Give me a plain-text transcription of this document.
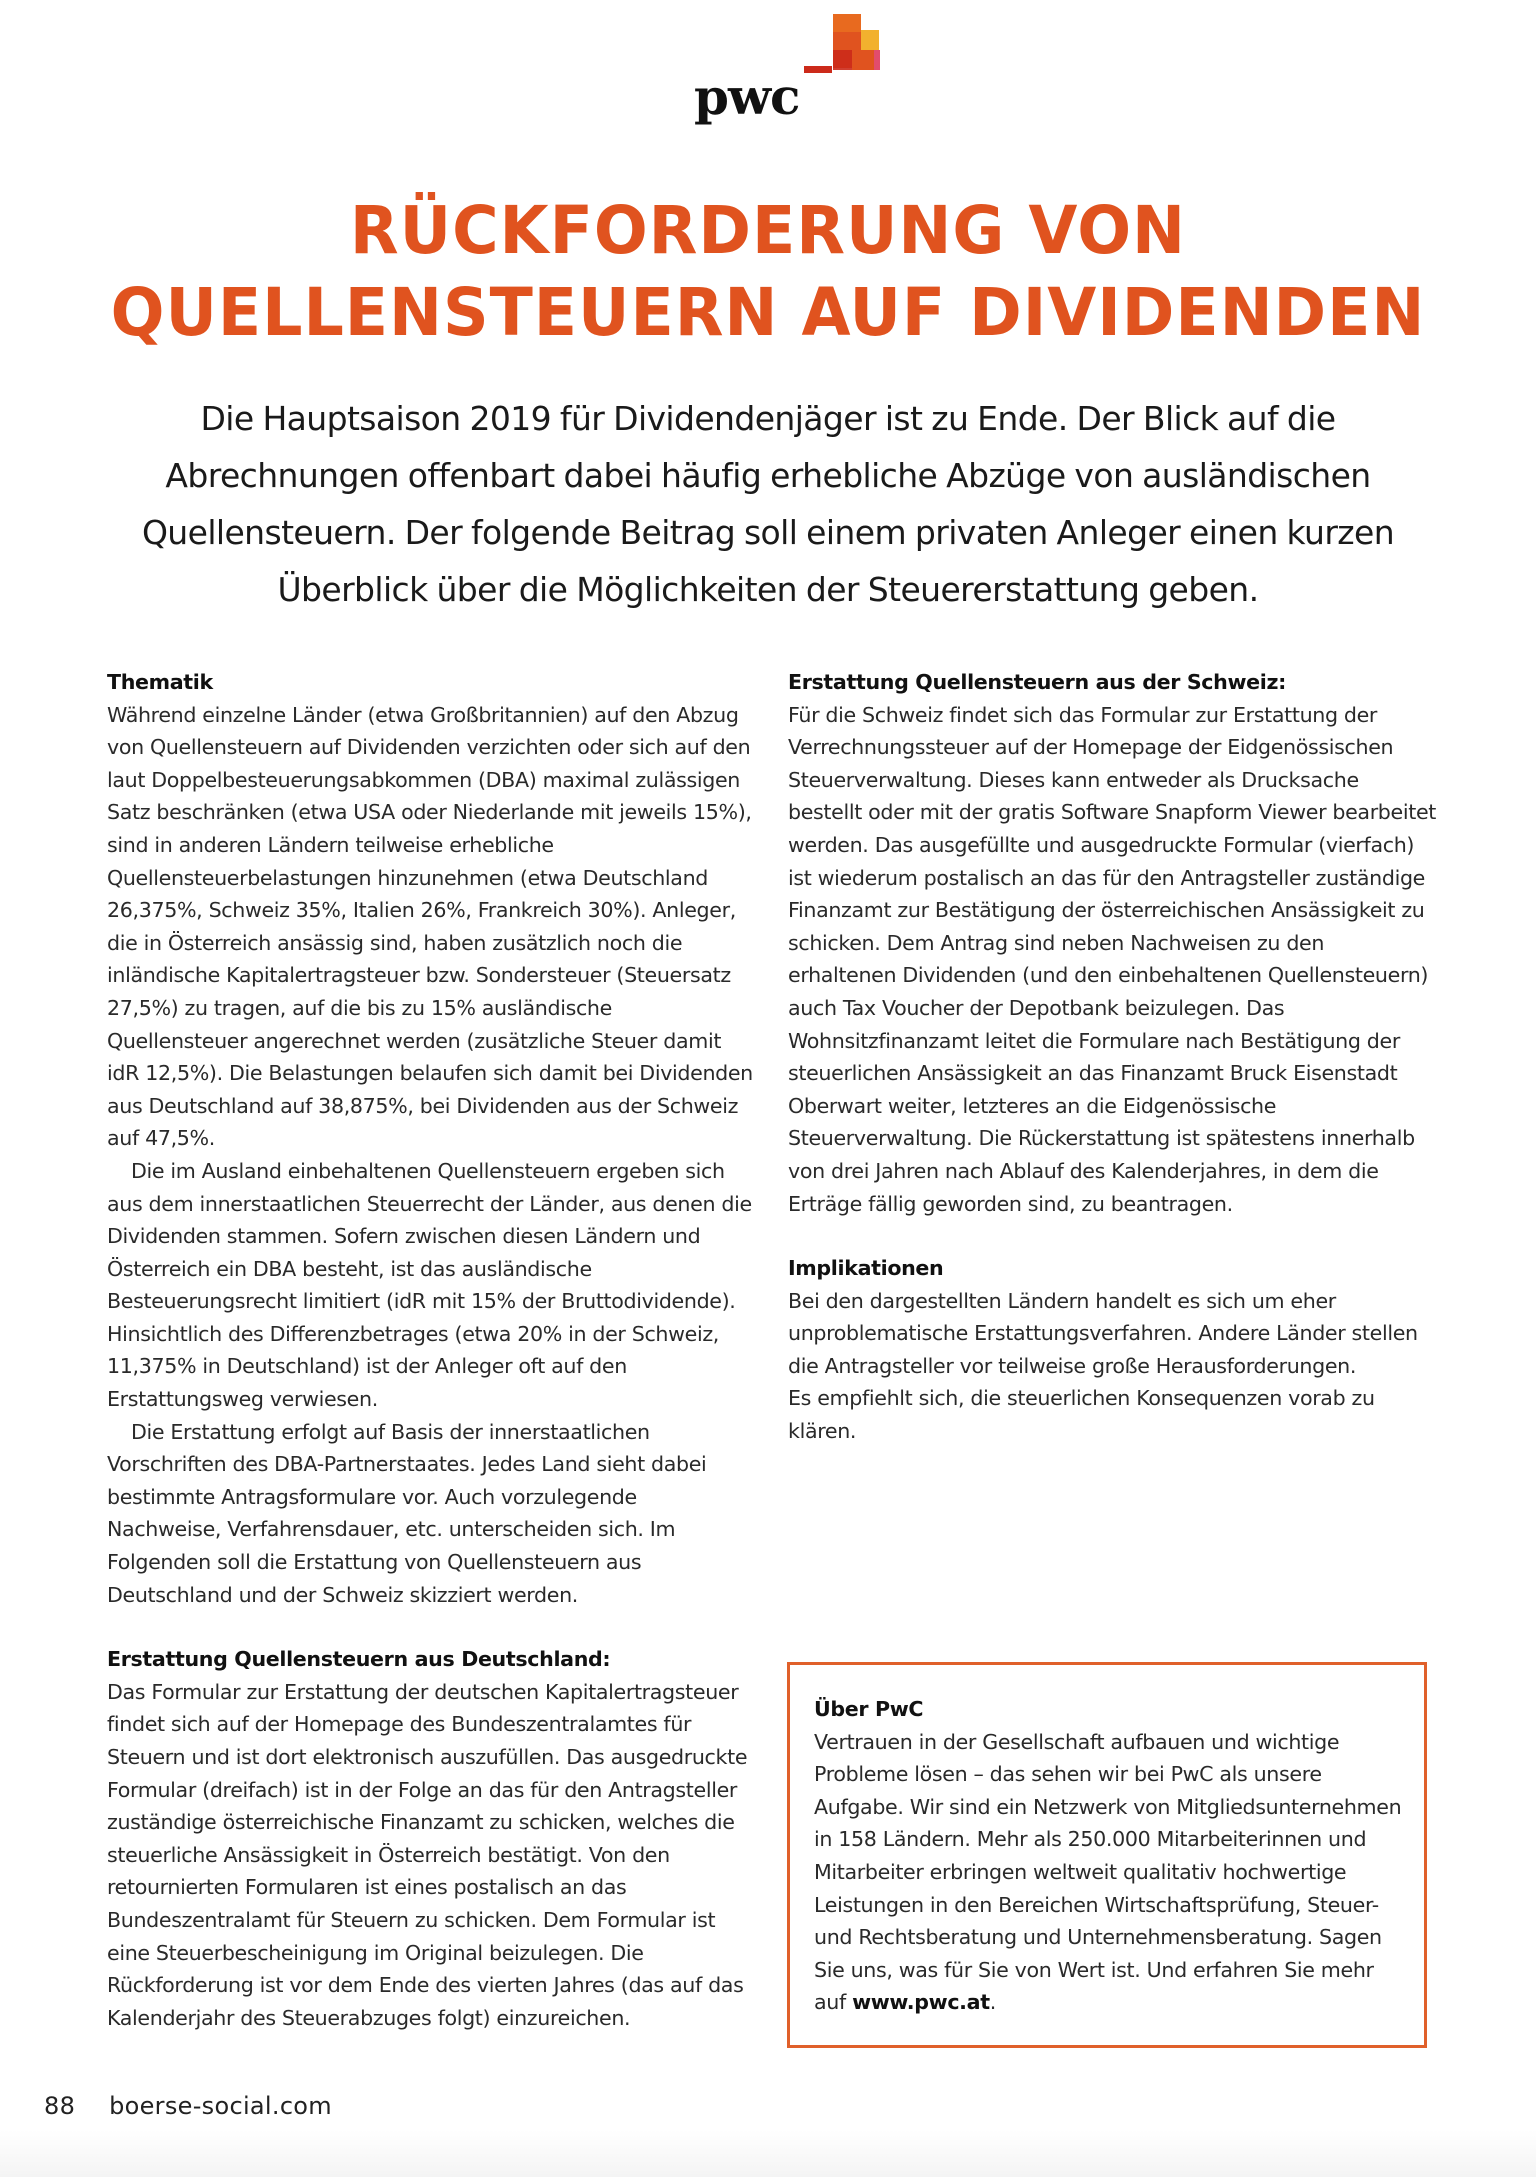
pwc
RÜCKFORDERUNG VON
QUELLENSTEUERN AUF DIVIDENDEN
Die Hauptsaison 2019 für Dividendenjäger ist zu Ende. Der Blick auf die Abrechnungen offenbart dabei häufig erhebliche Abzüge von ausländischen Quellensteuern. Der folgende Beitrag soll einem privaten Anleger einen kurzen Überblick über die Möglichkeiten der Steuererstattung geben.
Thematik

Während einzelne Länder (etwa Großbritannien) auf den Abzug von Quellensteuern auf Dividenden verzichten oder sich auf den laut Doppelbesteuerungsabkommen (DBA) maximal zulässigen Satz beschränken (etwa USA oder Niederlande mit jeweils 15%), sind in anderen Ländern teilweise erhebliche Quellensteuerbelastungen hinzunehmen (etwa Deutschland 26,375%, Schweiz 35%, Italien 26%, Frankreich 30%). Anleger, die in Österreich ansässig sind, haben zusätzlich noch die inländische Kapitalertragsteuer bzw. Sondersteuer (Steuersatz 27,5%) zu tragen, auf die bis zu 15% ausländische Quellensteuer angerechnet werden (zusätzliche Steuer damit idR 12,5%). Die Belastungen belaufen sich damit bei Dividenden aus Deutschland auf 38,875%, bei Dividenden aus der Schweiz auf 47,5%.

Die im Ausland einbehaltenen Quellensteuern ergeben sich aus dem innerstaatlichen Steuerrecht der Länder, aus denen die Dividenden stammen. Sofern zwischen diesen Ländern und Österreich ein DBA besteht, ist das ausländische Besteuerungsrecht limitiert (idR mit 15% der Bruttodividende). Hinsichtlich des Differenzbetrages (etwa 20% in der Schweiz, 11,375% in Deutschland) ist der Anleger oft auf den Erstattungsweg verwiesen.

Die Erstattung erfolgt auf Basis der innerstaatlichen Vorschriften des DBA-Partnerstaates. Jedes Land sieht dabei bestimmte Antragsformulare vor. Auch vorzulegende Nachweise, Verfahrensdauer, etc. unterscheiden sich. Im Folgenden soll die Erstattung von Quellensteuern aus Deutschland und der Schweiz skizziert werden.

Erstattung Quellensteuern aus Deutschland:

Das Formular zur Erstattung der deutschen Kapitalertragsteuer findet sich auf der Homepage des Bundeszentralamtes für Steuern und ist dort elektronisch auszufüllen. Das ausgedruckte Formular (dreifach) ist in der Folge an das für den Antragsteller zuständige österreichische Finanzamt zu schicken, welches die steuerliche Ansässigkeit in Österreich bestätigt. Von den retournierten Formularen ist eines postalisch an das Bundeszentralamt für Steuern zu schicken. Dem Formular ist eine Steuerbescheinigung im Original beizulegen. Die Rückforderung ist vor dem Ende des vierten Jahres (das auf das Kalenderjahr des Steuerabzuges folgt) einzureichen.

Erstattung Quellensteuern aus der Schweiz:

Für die Schweiz findet sich das Formular zur Erstattung der Verrechnungssteuer auf der Homepage der Eidgenössischen Steuerverwaltung. Dieses kann entweder als Drucksache bestellt oder mit der gratis Software Snapform Viewer bearbeitet werden. Das ausgefüllte und ausgedruckte Formular (vierfach) ist wiederum postalisch an das für den Antragsteller zuständige Finanzamt zur Bestätigung der österreichischen Ansässigkeit zu schicken. Dem Antrag sind neben Nachweisen zu den erhaltenen Dividenden (und den einbehaltenen Quellensteuern) auch Tax Voucher der Depotbank beizulegen. Das Wohnsitzfinanzamt leitet die Formulare nach Bestätigung der steuerlichen Ansässigkeit an das Finanzamt Bruck Eisenstadt Oberwart weiter, letzteres an die Eidgenössische Steuerverwaltung. Die Rückerstattung ist spätestens innerhalb von drei Jahren nach Ablauf des Kalenderjahres, in dem die Erträge fällig geworden sind, zu beantragen.

Implikationen

Bei den dargestellten Ländern handelt es sich um eher unproblematische Erstattungsverfahren. Andere Länder stellen die Antragsteller vor teilweise große Herausforderungen.

Es empfiehlt sich, die steuerlichen Konsequenzen vorab zu klären.

Über PwC

Vertrauen in der Gesellschaft aufbauen und wichtige Probleme lösen – das sehen wir bei PwC als unsere Aufgabe. Wir sind ein Netzwerk von Mitgliedsunternehmen in 158 Ländern. Mehr als 250.000 Mitarbeiterinnen und Mitarbeiter erbringen weltweit qualitativ hochwertige Leistungen in den Bereichen Wirtschaftsprüfung, Steuer- und Rechtsberatung und Unternehmensberatung. Sagen Sie uns, was für Sie von Wert ist. Und erfahren Sie mehr auf www.pwc.at.

88 boerse-social.com
